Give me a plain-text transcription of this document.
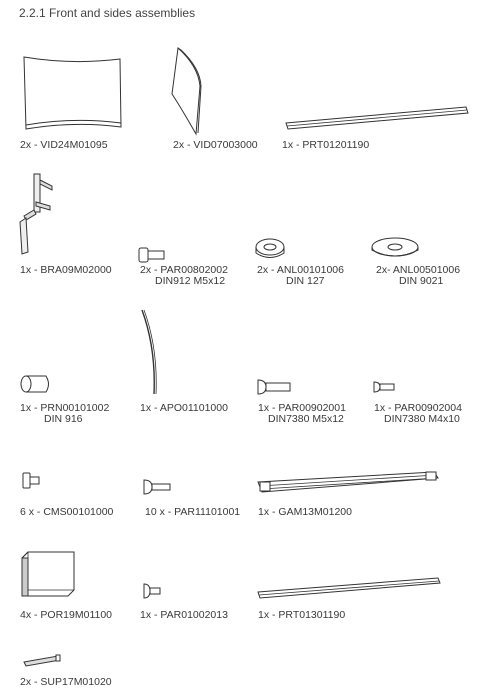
2.2.1 Front and sides assemblies
2x - VID24M01095	2x - VID07003000 1x - PRT01201190
1x - BRA09M02000	2x - PAR00802002
DIN912 M5x12
2x - ANL00101006
DIN 127
2x- ANL00501006
DIN 9021
1x - PRN00101002
DIN 916
1x - APO01101000	1x - PAR00902001
DIN7380 M5x12
1x - PAR00902004
DIN7380 M4x10
6 x - CMS00101000	10 x - PAR11101001 1x - GAM13M01200
4x - POR19M01100	1x - PAR01002013	1x - PRT01301190
2x - SUP17M01020
